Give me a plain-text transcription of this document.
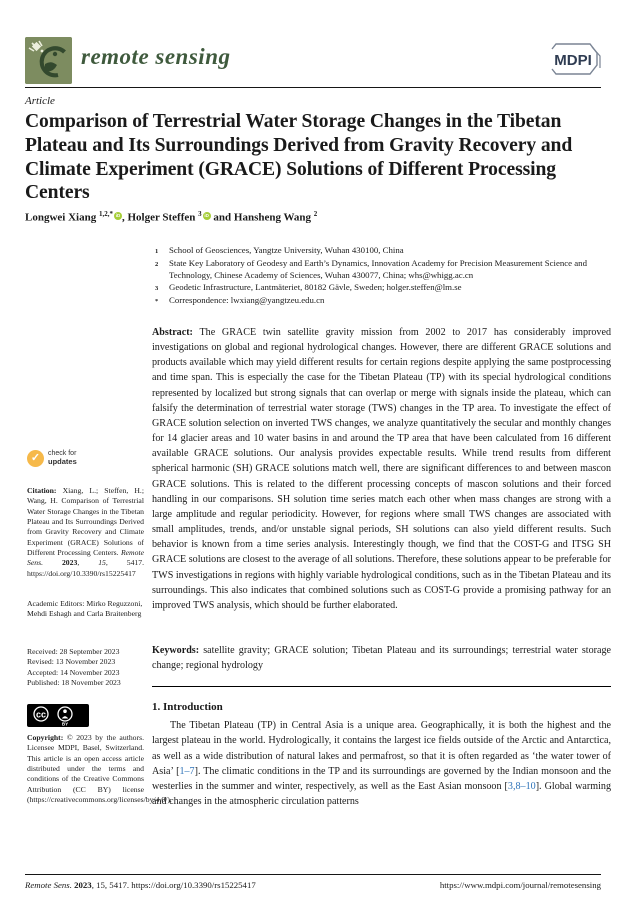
remote sensing	MDPI
Article
Comparison of Terrestrial Water Storage Changes in the Tibetan Plateau and Its Surroundings Derived from Gravity Recovery and Climate Experiment (GRACE) Solutions of Different Processing Centers
Longwei Xiang $^{1,2,*}$ iD , Holger Steffen $^3$ iD and Hansheng Wang $^2$
1	School of Geosciences, Yangtze University, Wuhan 430100, China
2	State Key Laboratory of Geodesy and Earth’s Dynamics, Innovation Academy for Precision Measurement Science and Technology, Chinese Academy of Sciences, Wuhan 430077, China; whs@whigg.ac.cn
3	Geodetic Infrastructure, Lantmäteriet, 80182 Gävle, Sweden; holger.steffen@lm.se
*	Correspondence: lwxiang@yangtzeu.edu.cn
Abstract: The GRACE twin satellite gravity mission from 2002 to 2017 has considerably improved investigations on global and regional hydrological changes. However, there are different GRACE solutions and products available which may yield different results for certain regions despite applying the same postprocessing and time span. This is especially the case for the Tibetan Plateau (TP) with its special hydrological conditions represented by localized but strong signals that can overlap or merge with signals inside the plateau, which can falsify the determination of terrestrial water storage (TWS) changes in the TP area. To investigate the effect of GRACE solution selection on inverted TWS changes, we analyze quantitatively the secular and monthly changes for 14 glacier areas and 10 water basins in and around the TP area that have been calculated from 16 different available GRACE solutions. Our analysis provides expectable results. While trend results from different spherical harmonic (SH) GRACE solutions match well, there are significant differences to and between mascon GRACE solutions. This is related to the different processing concepts of mascon solutions and their forced handling in our comparisons. SH solution time series match each other when mass changes are strong with a large amplitude and regular periodicity. However, for regions where small TWS changes are associated with small amplitudes, trends, and/or unstable signal periods, SH solutions can also yield different results. Such behavior is known from a time series analysis. Interestingly though, we find that the COST-G and ITSG SH GRACE solutions are closest to the average of all solutions. Therefore, these solutions appear to be preferable for TWS investigations in regions with highly variable hydrological conditions, such as in the Tibetan Plateau and its surroundings. This also indicates that combined solutions such as COST-G provide a promising pathway for an improved TWS analysis, which should be further elaborated.
Keywords: satellite gravity; GRACE solution; Tibetan Plateau and its surroundings; terrestrial water storage change; regional hydrology
1. Introduction
The Tibetan Plateau (TP) in Central Asia is a unique area. Geographically, it is both the highest and the largest plateau in the world. Hydrologically, it contains the largest ice fields outside of the Arctic and Antarctica, as well as a wide distribution of natural lakes and permafrost, so that it is often regarded as ‘the water tower of Asia’ [1–7]. The climatic conditions in the TP and its surroundings are governed by the Indian monsoon and the westerlies in the summer and winter, respectively, as well as the East Asian monsoon [3,8–10]. Global warming and changes in the atmospheric circulation patterns
✓	check for
updates
Citation: Xiang, L.; Steffen, H.; Wang, H. Comparison of Terrestrial Water Storage Changes in the Tibetan Plateau and Its Surroundings Derived from Gravity Recovery and Climate Experiment (GRACE) Solutions of Different Processing Centers. Remote Sens. 2023, 15, 5417. https://doi.org/10.3390/rs15225417
Academic Editors: Mirko Reguzzoni, Mehdi Eshagh and Carla Braitenberg
Received: 28 September 2023
Revised: 13 November 2023
Accepted: 14 November 2023
Published: 18 November 2023
cc
BY
Copyright: © 2023 by the authors. Licensee MDPI, Basel, Switzerland. This article is an open access article distributed under the terms and conditions of the Creative Commons Attribution (CC BY) license (https://creativecommons.org/licenses/by/4.0/).
Remote Sens. 2023, 15, 5417. https://doi.org/10.3390/rs15225417	https://www.mdpi.com/journal/remotesensing
